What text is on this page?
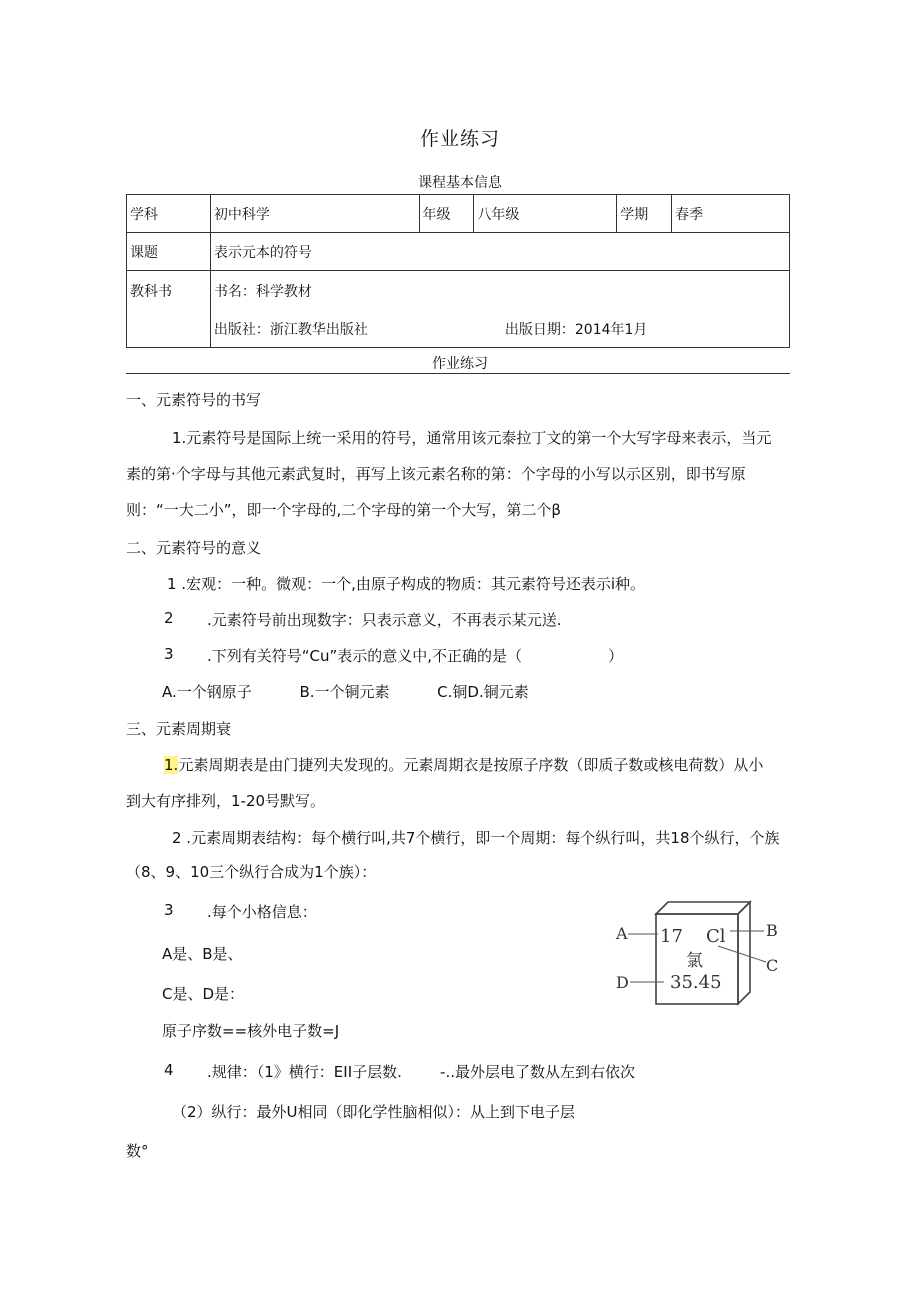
作业练习
课程基本信息
学科	初中科学	年级	八年级	学期	春季
课题	表示元本的符号				
教科书	书名：科学教材
出版社：浙江教华出版社 出版日期：2014年1月				
作业练习
一、元素符号的书写
1.元素符号是国际上统一采用的符号，通常用该元泰拉丁文的第一个大写字母来表示，当元
素的第·个字母与其他元素武复时，再写上该元素名称的第：个字母的小写以示区别，即书写原
则：“一大二小”，即一个字母的,二个字母的第一个大写，第二个β
二、元素符号的意义
1 .宏观：一种。微观：一个,由原子构成的物质：其元素符号还表示i种。
2 .元素符号前出现数字：只表示意义，不再表示某元送.
3 .下列有关符号“Cu”表示的意义中,不正确的是（	）
A.一个钢原子          B.一个铜元素          C.铜D.铜元素
三、元素周期衰
1.元素周期表是由门捷列夫发现的。元素周期衣是按原子序数（即质子数或核电荷数）从小
到大有序排列，1-20号默写。
2 .元素周期表结构：每个横行叫,共7个横行，即一个周期：每个纵行叫，共18个纵行，个族
（8、9、10三个纵行合成为1个族）：
3 .每个小格信息：
A是、B是、
C是、D是：
原子序数==核外电子数=J
4 .规律：（1》横行：EII子层数.        -..最外层电了数从左到右依次
（2）纵行：最外U相同（即化学性脑相似）：从上到下电子层
数°
A	B
C
D
17 Cl
氯
35.45
